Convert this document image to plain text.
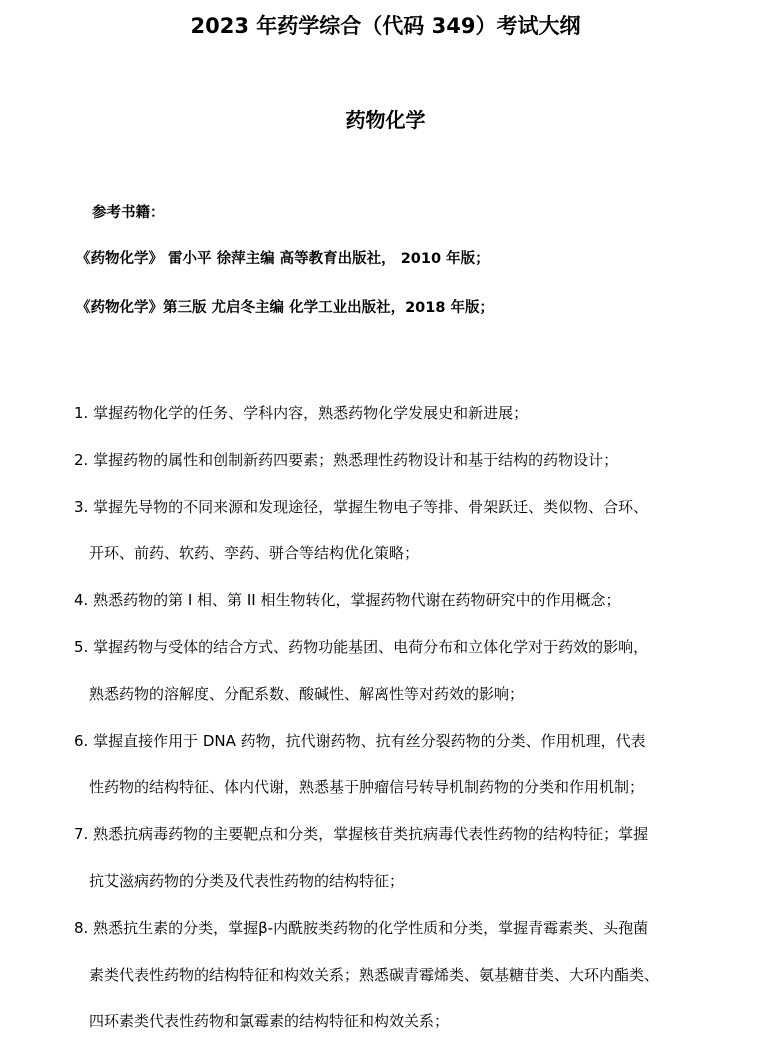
2023 年药学综合（代码 349）考试大纲
药物化学

参考书籍：

《药物化学》 雷小平 徐萍主编 高等教育出版社， 2010 年版；
《药物化学》第三版 尤启冬主编 化学工业出版社，2018 年版；
1. 掌握药物化学的任务、学科内容，熟悉药物化学发展史和新进展；
2. 掌握药物的属性和创制新药四要素；熟悉理性药物设计和基于结构的药物设计；
3. 掌握先导物的不同来源和发现途径，掌握生物电子等排、骨架跃迁、类似物、合环、
开环、前药、软药、孪药、骈合等结构优化策略；
4. 熟悉药物的第 I 相、第 II 相生物转化，掌握药物代谢在药物研究中的作用概念；
5. 掌握药物与受体的结合方式、药物功能基团、电荷分布和立体化学对于药效的影响，
熟悉药物的溶解度、分配系数、酸碱性、解离性等对药效的影响；
6. 掌握直接作用于 DNA 药物，抗代谢药物、抗有丝分裂药物的分类、作用机理，代表
性药物的结构特征、体内代谢，熟悉基于肿瘤信号转导机制药物的分类和作用机制；
7. 熟悉抗病毒药物的主要靶点和分类，掌握核苷类抗病毒代表性药物的结构特征；掌握
抗艾滋病药物的分类及代表性药物的结构特征；
8. 熟悉抗生素的分类，掌握β-内酰胺类药物的化学性质和分类，掌握青霉素类、头孢菌
素类代表性药物的结构特征和构效关系；熟悉碳青霉烯类、氨基糖苷类、大环内酯类、
四环素类代表性药物和氯霉素的结构特征和构效关系；
